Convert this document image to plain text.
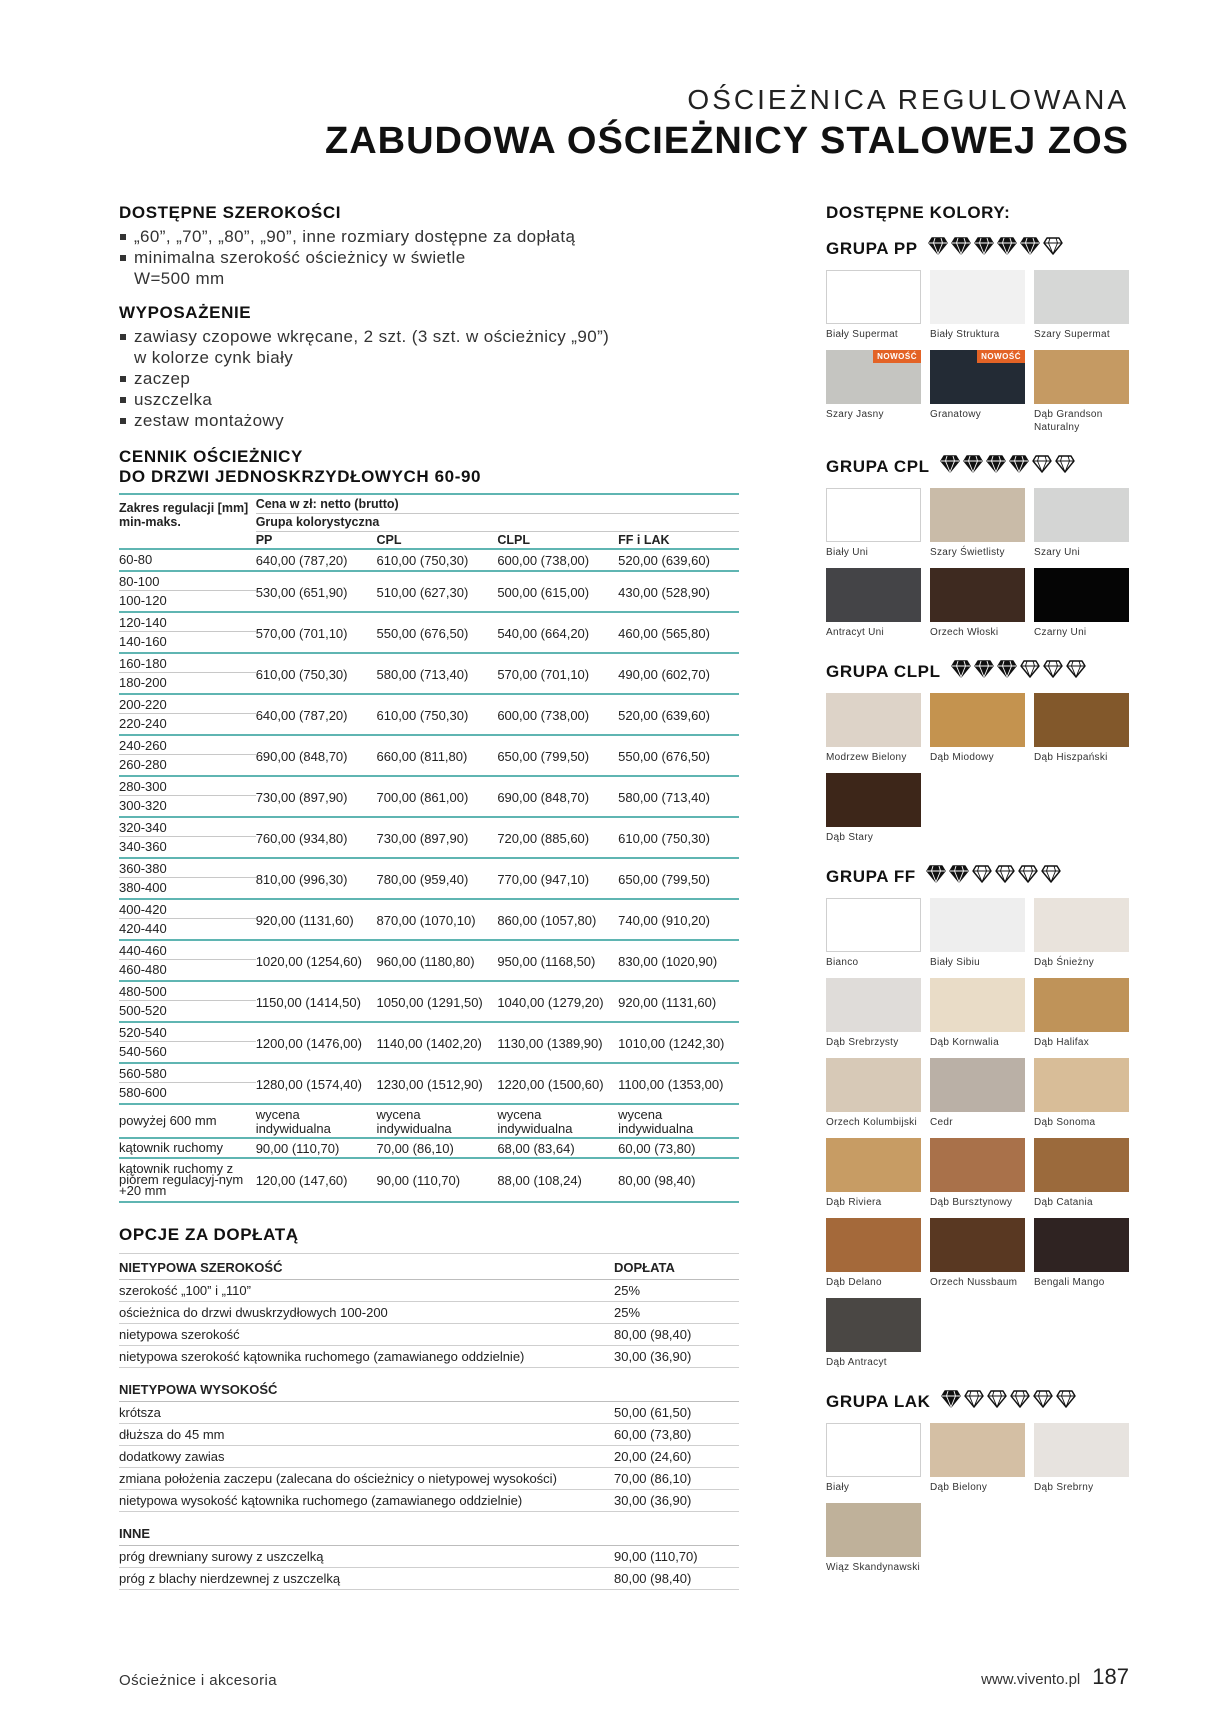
OŚCIEŻNICA REGULOWANA
ZABUDOWA OŚCIEŻNICY STALOWEJ ZOS
DOSTĘPNE SZEROKOŚCI
„60”, „70”, „80”, „90”, inne rozmiary dostępne za dopłatą
minimalna szerokość ościeżnicy w świetle
W=500 mm
WYPOSAŻENIE
zawiasy czopowe wkręcane, 2 szt. (3 szt. w ościeżnicy „90”)
w kolorze cynk biały
zaczep
uszczelka
zestaw montażowy
CENNIK OŚCIEŻNICY
DO DRZWI JEDNOSKRZYDŁOWYCH 60-90
Zakres regulacji [mm] min-maks.	Cena w zł: netto (brutto)			
	Grupa kolorystyczna			
	PP	CPL	CLPL	FF i LAK

60-80	640,00 (787,20)	610,00 (750,30)	600,00 (738,00)	520,00 (639,60)

80-100
100-120	530,00 (651,90)	510,00 (627,30)	500,00 (615,00)	430,00 (528,90)

120-140
140-160	570,00 (701,10)	550,00 (676,50)	540,00 (664,20)	460,00 (565,80)

160-180
180-200	610,00 (750,30)	580,00 (713,40)	570,00 (701,10)	490,00 (602,70)

200-220
220-240	640,00 (787,20)	610,00 (750,30)	600,00 (738,00)	520,00 (639,60)

240-260
260-280	690,00 (848,70)	660,00 (811,80)	650,00 (799,50)	550,00 (676,50)

280-300
300-320	730,00 (897,90)	700,00 (861,00)	690,00 (848,70)	580,00 (713,40)

320-340
340-360	760,00 (934,80)	730,00 (897,90)	720,00 (885,60)	610,00 (750,30)

360-380
380-400	810,00 (996,30)	780,00 (959,40)	770,00 (947,10)	650,00 (799,50)

400-420
420-440	920,00 (1131,60)	870,00 (1070,10)	860,00 (1057,80)	740,00 (910,20)

440-460
460-480	1020,00 (1254,60)	960,00 (1180,80)	950,00 (1168,50)	830,00 (1020,90)

480-500
500-520	1150,00 (1414,50)	1050,00 (1291,50)	1040,00 (1279,20)	920,00 (1131,60)

520-540
540-560	1200,00 (1476,00)	1140,00 (1402,20)	1130,00 (1389,90)	1010,00 (1242,30)

560-580
580-600	1280,00 (1574,40)	1230,00 (1512,90)	1220,00 (1500,60)	1100,00 (1353,00)
powyżej 600 mm	wycena indywidualna	wycena indywidualna	wycena indywidualna	wycena indywidualna
kątownik ruchomy	90,00 (110,70)	70,00 (86,10)	68,00 (83,64)	60,00 (73,80)
kątownik ruchomy z piórem regulacyj-nym +20 mm	120,00 (147,60)	90,00 (110,70)	88,00 (108,24)	80,00 (98,40)
OPCJE ZA DOPŁATĄ
NIETYPOWA SZEROKOŚĆ	DOPŁATA
szerokość „100” i „110”	25%
ościeżnica do drzwi dwuskrzydłowych 100-200	25%
nietypowa szerokość	80,00 (98,40)
nietypowa szerokość kątownika ruchomego (zamawianego oddzielnie)	30,00 (36,90)

NIETYPOWA WYSOKOŚĆ	
krótsza	50,00 (61,50)
dłuższa do 45 mm	60,00 (73,80)
dodatkowy zawias	20,00 (24,60)
zmiana położenia zaczepu (zalecana do ościeżnicy o nietypowej wysokości)	70,00 (86,10)
nietypowa wysokość kątownika ruchomego (zamawianego oddzielnie)	30,00 (36,90)

INNE	
próg drewniany surowy z uszczelką	90,00 (110,70)
próg z blachy nierdzewnej z uszczelką	80,00 (98,40)
DOSTĘPNE KOLORY:
GRUPA PP
Biały Supermat	Biały Struktura	Szary Supermat
NOWOŚĆ
Szary Jasny
NOWOŚĆ
Granatowy	Dąb Grandson Naturalny
GRUPA CPL
Biały Uni	Szary Świetlisty	Szary Uni
Antracyt Uni	Orzech Włoski	Czarny Uni
GRUPA CLPL
Modrzew Bielony	Dąb Miodowy	Dąb Hiszpański
Dąb Stary
GRUPA FF
Bianco	Biały Sibiu	Dąb Śnieżny
Dąb Srebrzysty	Dąb Kornwalia	Dąb Halifax
Orzech Kolumbijski	Cedr	Dąb Sonoma
Dąb Riviera	Dąb Bursztynowy	Dąb Catania
Dąb Delano	Orzech Nussbaum	Bengali Mango
Dąb Antracyt
GRUPA LAK
Biały	Dąb Bielony	Dąb Srebrny
Wiąz Skandynawski
Ościeżnice i akcesoria	www.vivento.pl 187
